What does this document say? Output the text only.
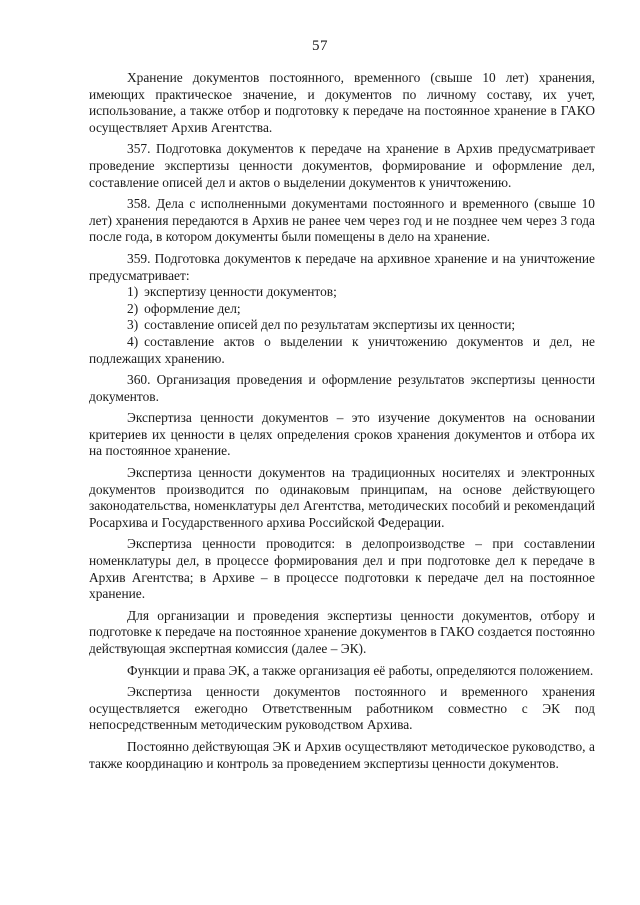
57

Хранение документов постоянного, временного (свыше 10 лет) хранения, имеющих практическое значение, и документов по личному составу, их учет, использование, а также отбор и подготовку к передаче на постоянное хранение в ГАКО осуществляет Архив Агентства.

357. Подготовка документов к передаче на хранение в Архив предусматривает проведение экспертизы ценности документов, формирование и оформление дел, составление описей дел и актов о выделении документов к уничтожению.

358. Дела с исполненными документами постоянного и временного (свыше 10 лет) хранения передаются в Архив не ранее чем через год и не позднее чем через 3 года после года, в котором документы были помещены в дело на хранение.

359. Подготовка документов к передаче на архивное хранение и на уничтожение предусматривает:

1) экспертизу ценности документов;
2) оформление дел;
3) составление описей дел по результатам экспертизы их ценности;
4) составление актов о выделении к уничтожению документов и дел, не подлежащих хранению.

360. Организация проведения и оформление результатов экспертизы ценности документов.

Экспертиза ценности документов – это изучение документов на основании критериев их ценности в целях определения сроков хранения документов и отбора их на постоянное хранение.

Экспертиза ценности документов на традиционных носителях и электронных документов производится по одинаковым принципам, на основе действующего законодательства, номенклатуры дел Агентства, методических пособий и рекомендаций Росархива и Государственного архива Российской Федерации.

Экспертиза ценности проводится: в делопроизводстве – при составлении номенклатуры дел, в процессе формирования дел и при подготовке дел к передаче в Архив Агентства; в Архиве – в процессе подготовки к передаче дел на постоянное хранение.

Для организации и проведения экспертизы ценности документов, отбору и подготовке к передаче на постоянное хранение документов в ГАКО создается постоянно действующая экспертная комиссия (далее – ЭК).

Функции и права ЭК, а также организация её работы, определяются положением.

Экспертиза ценности документов постоянного и временного хранения осуществляется ежегодно Ответственным работником совместно с ЭК под непосредственным методическим руководством Архива.

Постоянно действующая ЭК и Архив осуществляют методическое руководство, а также координацию и контроль за проведением экспертизы ценности документов.
